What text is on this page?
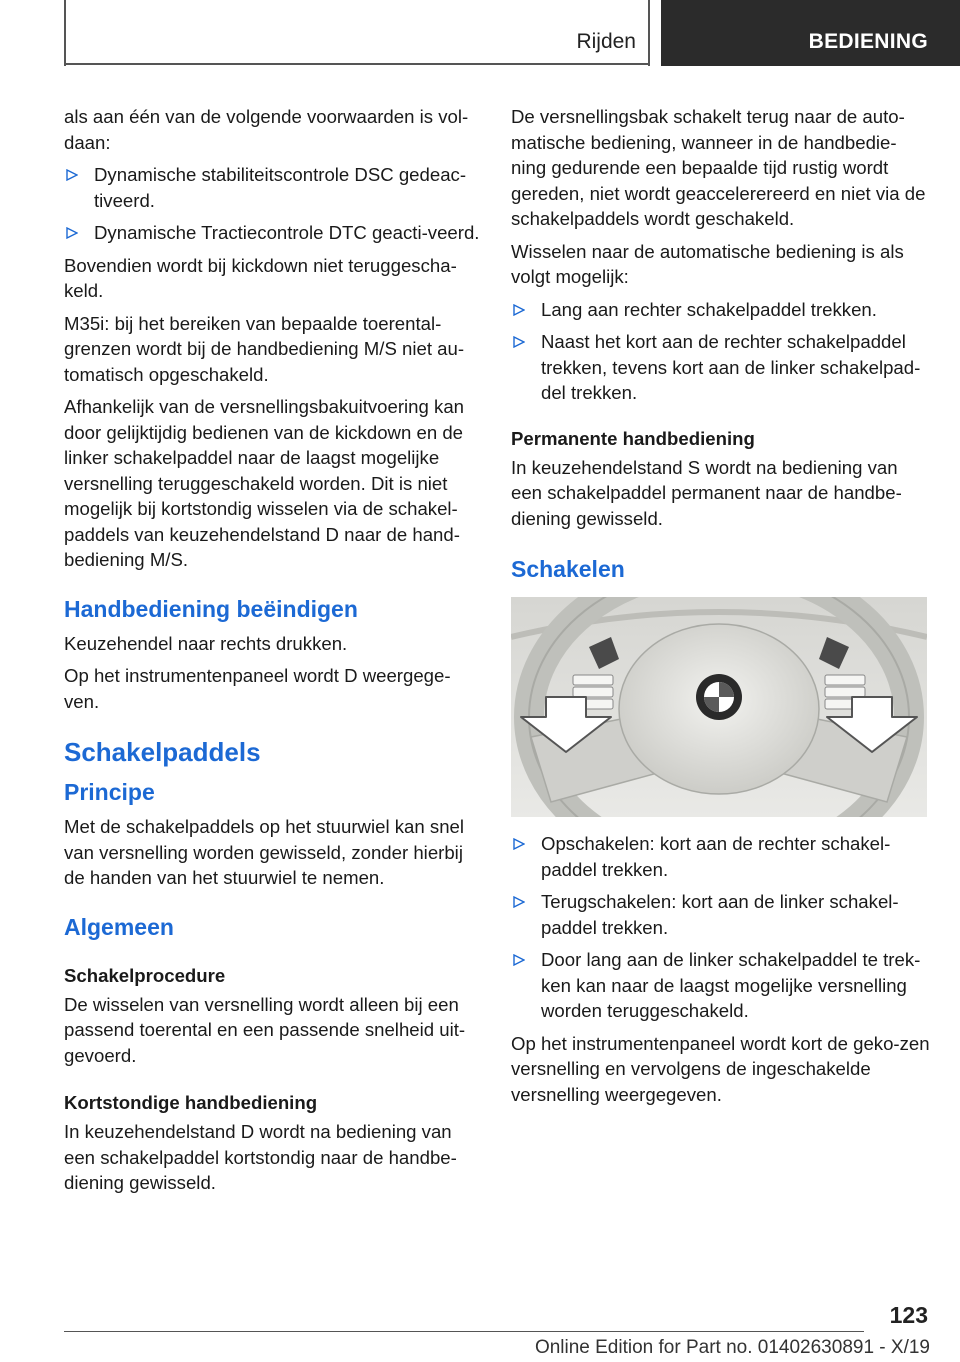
Rijden	BEDIENING

als aan één van de volgende voorwaarden is vol-daan:

Dynamische stabiliteitscontrole DSC gedeac-tiveerd.
Dynamische Tractiecontrole DTC geacti-veerd.

Bovendien wordt bij kickdown niet teruggescha-keld.

M35i: bij het bereiken van bepaalde toerental-grenzen wordt bij de handbediening M/S niet au-tomatisch opgeschakeld.

Afhankelijk van de versnellingsbakuitvoering kan door gelijktijdig bedienen van de kickdown en de linker schakelpaddel naar de laagst mogelijke versnelling teruggeschakeld worden. Dit is niet mogelijk bij kortstondig wisselen via de schakel-paddels van keuzehendelstand D naar de hand-bediening M/S.

Handbediening beëindigen

Keuzehendel naar rechts drukken.

Op het instrumentenpaneel wordt D weergege-ven.

Schakelpaddels
Principe

Met de schakelpaddels op het stuurwiel kan snel van versnelling worden gewisseld, zonder hierbij de handen van het stuurwiel te nemen.

Algemeen
Schakelprocedure

De wisselen van versnelling wordt alleen bij een passend toerental en een passende snelheid uit-gevoerd.

Kortstondige handbediening

In keuzehendelstand D wordt na bediening van een schakelpaddel kortstondig naar de handbe-diening gewisseld.

De versnellingsbak schakelt terug naar de auto-matische bediening, wanneer in de handbedie-ning gedurende een bepaalde tijd rustig wordt gereden, niet wordt geaccelerereerd en niet via de schakelpaddels wordt geschakeld.

Wisselen naar de automatische bediening is als volgt mogelijk:

Lang aan rechter schakelpaddel trekken.
Naast het kort aan de rechter schakelpaddel trekken, tevens kort aan de linker schakelpad-del trekken.
Permanente handbediening

In keuzehendelstand S wordt na bediening van een schakelpaddel permanent naar de handbe-diening gewisseld.

Schakelen
Opschakelen: kort aan de rechter schakel-paddel trekken.
Terugschakelen: kort aan de linker schakel-paddel trekken.
Door lang aan de linker schakelpaddel te trek-ken kan naar de laagst mogelijke versnelling worden teruggeschakeld.

Op het instrumentenpaneel wordt kort de geko-zen versnelling en vervolgens de ingeschakelde versnelling weergegeven.

123
Online Edition for Part no. 01402630891 - X/19
